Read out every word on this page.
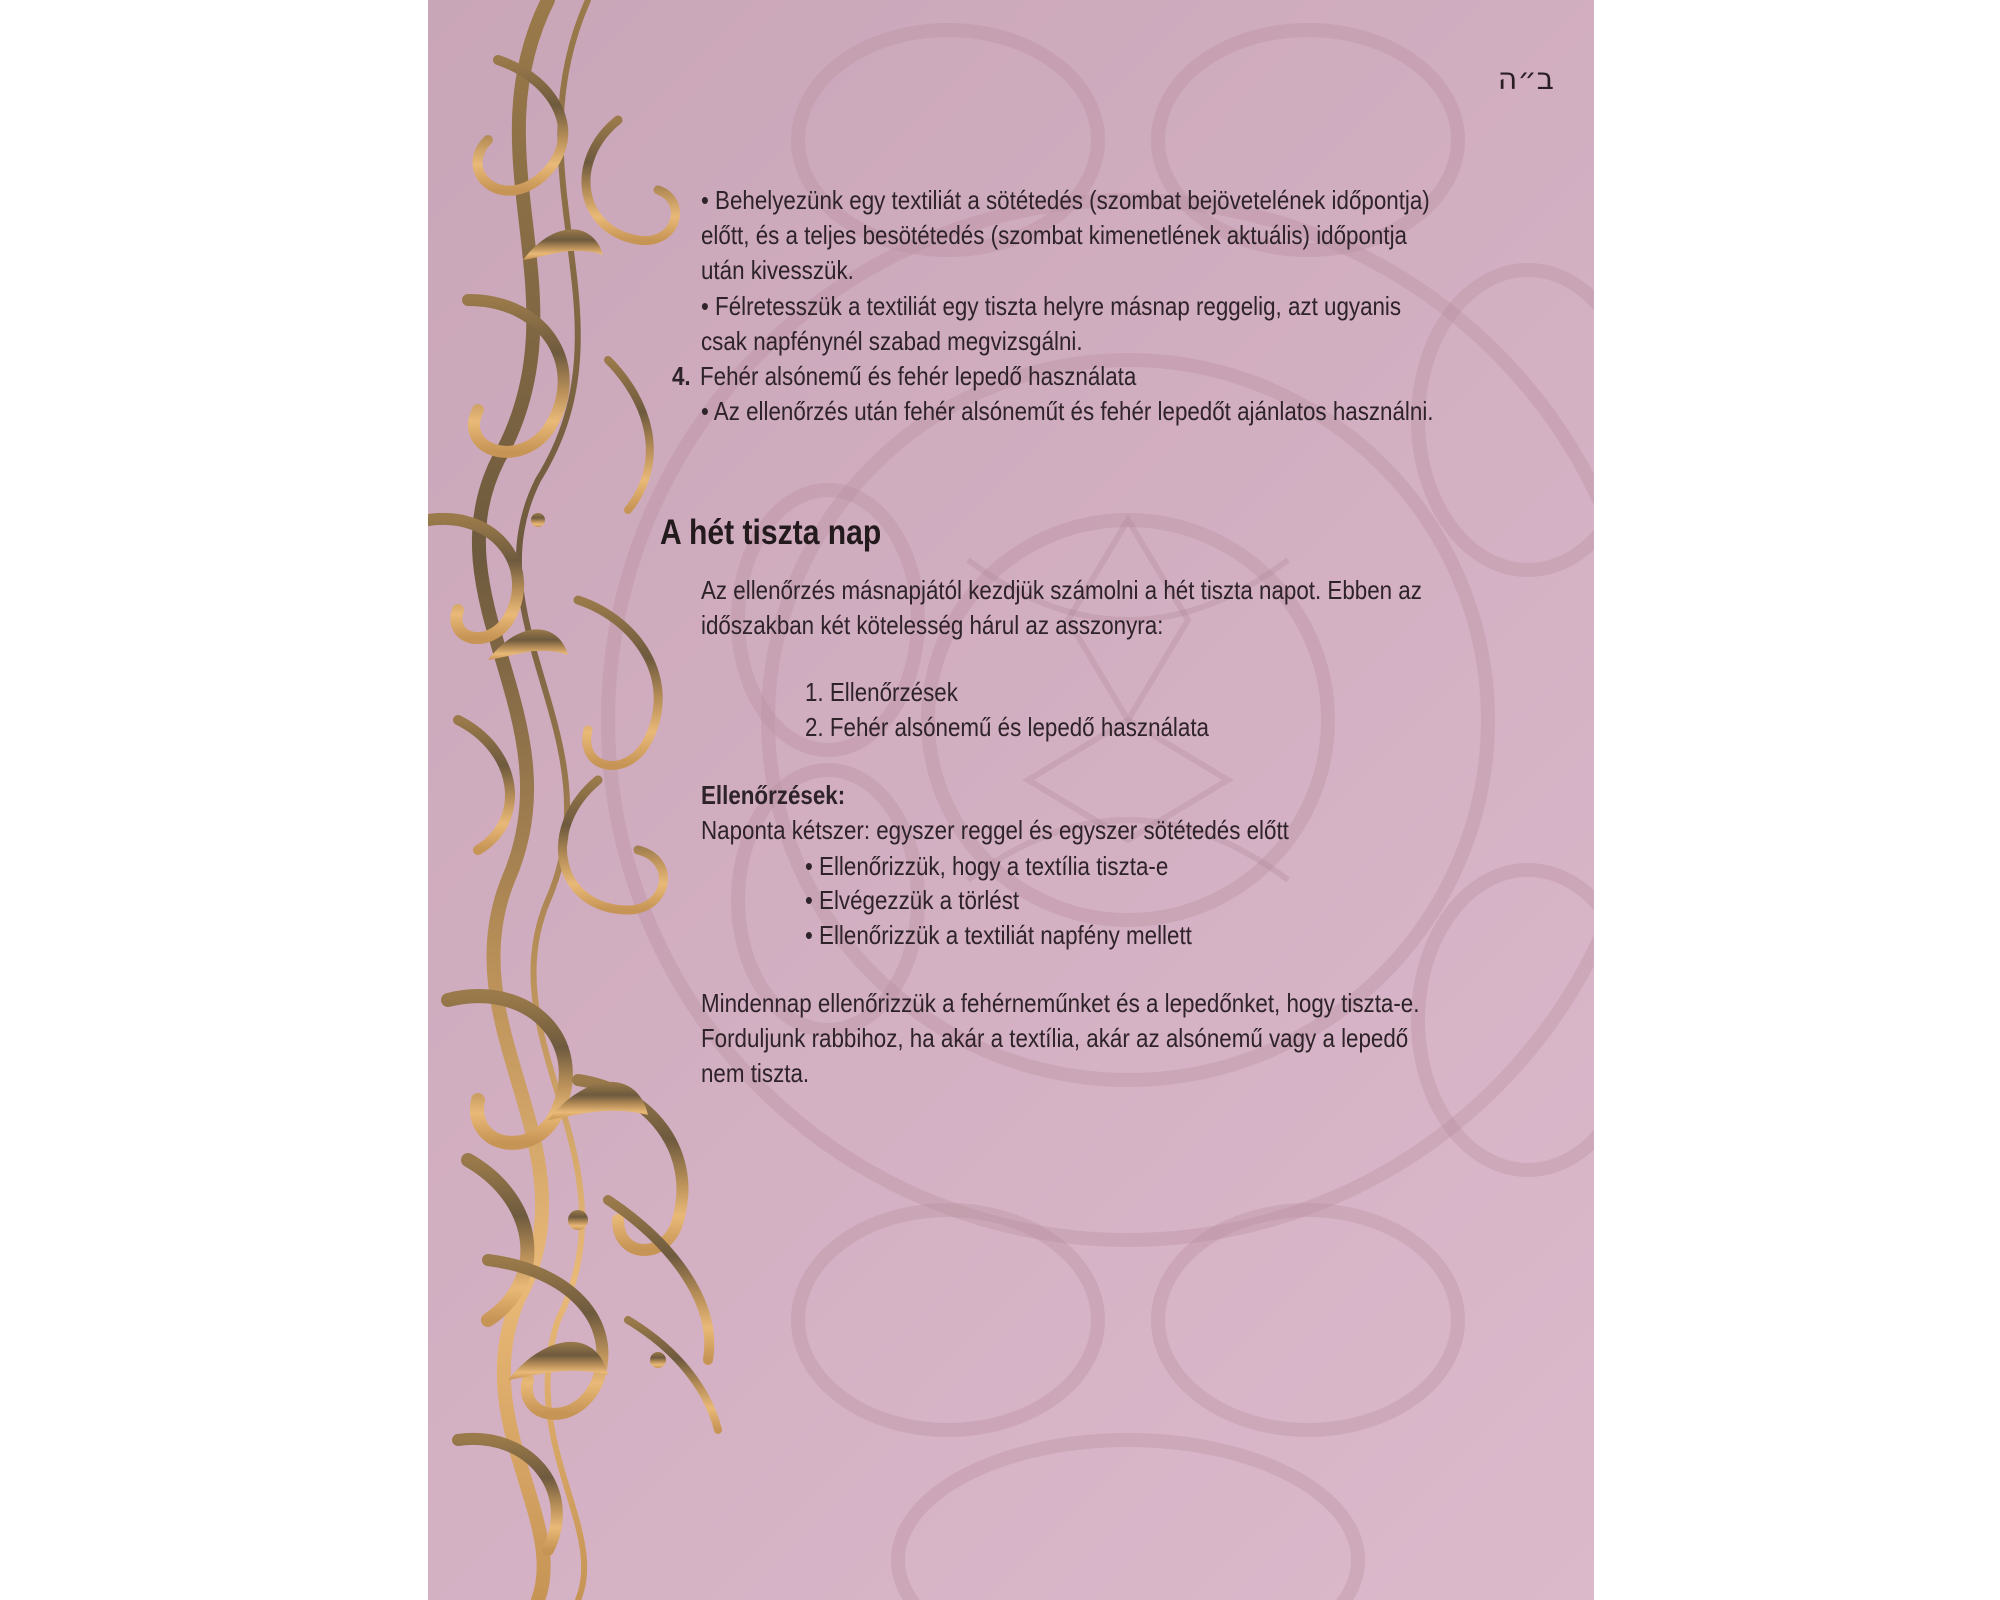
ב״ה
• Behelyezünk egy textiliát a sötétedés (szombat bejövetelének időpontja)
előtt, és a teljes besötétedés (szombat kimenetlének aktuális) időpontja
után kivesszük.
• Félretesszük a textiliát egy tiszta helyre másnap reggelig, azt ugyanis
csak napfénynél szabad megvizsgálni.
4. Fehér alsónemű és fehér lepedő használata
• Az ellenőrzés után fehér alsóneműt és fehér lepedőt ajánlatos használni.
A hét tiszta nap
Az ellenőrzés másnapjától kezdjük számolni a hét tiszta napot. Ebben az
időszakban két kötelesség hárul az asszonyra:
1. Ellenőrzések
2. Fehér alsónemű és lepedő használata
Ellenőrzések:
Naponta kétszer: egyszer reggel és egyszer sötétedés előtt
• Ellenőrizzük, hogy a textília tiszta-e
• Elvégezzük a törlést
• Ellenőrizzük a textiliát napfény mellett
Mindennap ellenőrizzük a fehérneműnket és a lepedőnket, hogy tiszta-e.
Forduljunk rabbihoz, ha akár a textília, akár az alsónemű vagy a lepedő
nem tiszta.
